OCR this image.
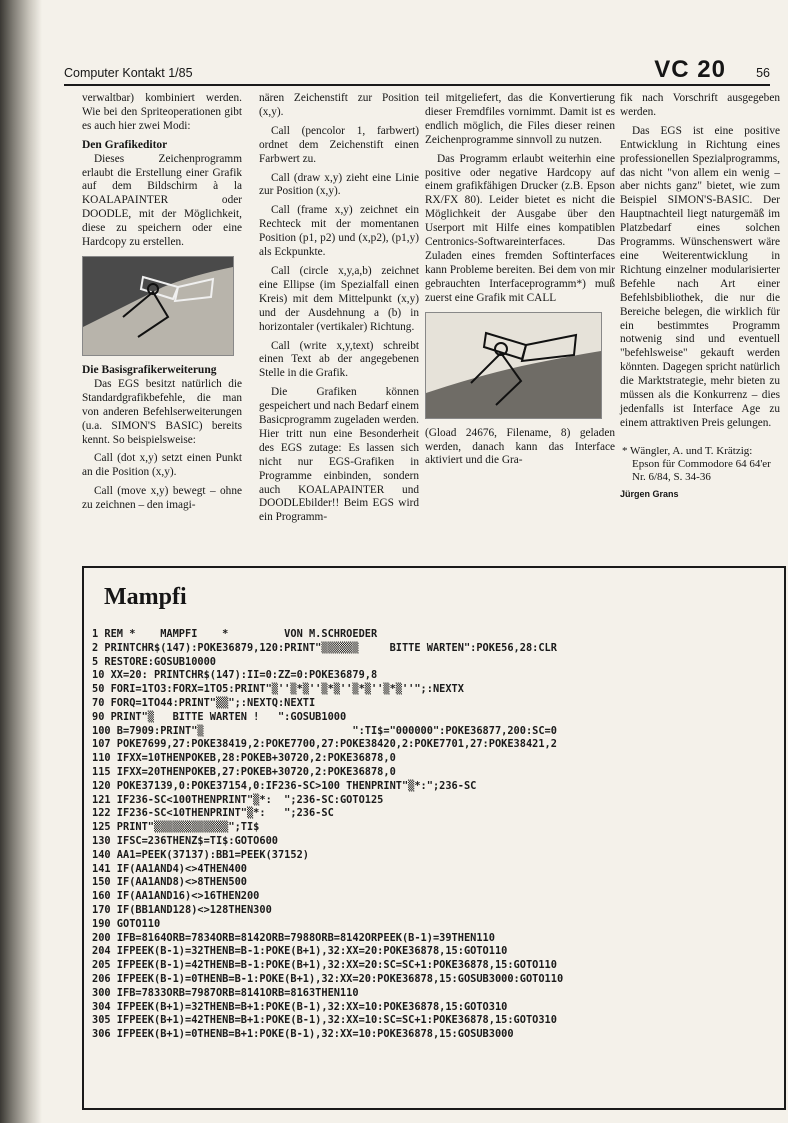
Computer Kontakt 1/85	VC 20 56

verwaltbar) kombiniert werden. Wie bei den Spriteoperationen gibt es auch hier zwei Modi:

Den Grafikeditor

Dieses Zeichenprogramm erlaubt die Erstellung einer Grafik auf dem Bildschirm à la KOALAPAINTER oder DOODLE, mit der Möglichkeit, diese zu speichern oder eine Hardcopy zu erstellen.

Die Basisgrafikerweiterung

Das EGS besitzt natürlich die Standardgrafikbefehle, die man von anderen Befehlserweiterungen (u.a. SIMON'S BASIC) bereits kennt. So beispielsweise:

Call (dot x,y) setzt einen Punkt an die Position (x,y).

Call (move x,y) bewegt – ohne zu zeichnen – den imagi-

nären Zeichenstift zur Position (x,y).

Call (pencolor 1, farbwert) ordnet dem Zeichenstift einen Farbwert zu.

Call (draw x,y) zieht eine Linie zur Position (x,y).

Call (frame x,y) zeichnet ein Rechteck mit der momentanen Position (p1, p2) und (x,p2), (p1,y) als Eckpunkte.

Call (circle x,y,a,b) zeichnet eine Ellipse (im Spezialfall einen Kreis) mit dem Mittelpunkt (x,y) und der Ausdehnung a (b) in horizontaler (vertikaler) Richtung.

Call (write x,y,text) schreibt einen Text ab der angegebenen Stelle in die Grafik.

Die Grafiken können gespeichert und nach Bedarf einem Basicprogramm zugeladen werden. Hier tritt nun eine Besonderheit des EGS zutage: Es lassen sich nicht nur EGS-Grafiken in Programme einbinden, sondern auch KOALAPAINTER und DOODLEbilder!! Beim EGS wird ein Programm-

teil mitgeliefert, das die Konvertierung dieser Fremdfiles vornimmt. Damit ist es endlich möglich, die Files dieser reinen Zeichenprogramme sinnvoll zu nutzen.

Das Programm erlaubt weiterhin eine positive oder negative Hardcopy auf einem grafikfähigen Drucker (z.B. Epson RX/FX 80). Leider bietet es nicht die Möglichkeit der Ausgabe über den Userport mit Hilfe eines kompatiblen Centronics-Softwareinterfaces. Das Zuladen eines fremden Softinterfaces kann Probleme bereiten. Bei dem von mir gebrauchten Interfaceprogramm*) muß zuerst eine Grafik mit CALL

(Gload 24676, Filename, 8) geladen werden, danach kann das Interface aktiviert und die Gra-

fik nach Vorschrift ausgegeben werden.

Das EGS ist eine positive Entwicklung in Richtung eines professionellen Spezialprogramms, das nicht "von allem ein wenig – aber nichts ganz" bietet, wie zum Beispiel SIMON'S-BASIC. Der Hauptnachteil liegt naturgemäß im Platzbedarf eines solchen Programms. Wünschenswert wäre eine Weiterentwicklung in Richtung einzelner modularisierter Befehle nach Art einer Befehlsbibliothek, die nur die Bereiche belegen, die wirklich für ein bestimmtes Programm notwenig sind und eventuell "befehlsweise" gekauft werden könnten. Dagegen spricht natürlich die Marktstrategie, mehr bieten zu müssen als die Konkurrenz – dies jedenfalls ist Interface Age zu einem attraktiven Preis gelungen.

* Wängler, A. und T. Krätzig: Epson für Commodore 64 64'er Nr. 6/84, S. 34-36
Jürgen Grans
Mampfi
1 REM *    MAMPFI    *         VON M.SCHROEDER
2 PRINTCHR$(147):POKE36879,120:PRINT"▒▒▒▒▒▒     BITTE WARTEN":POKE56,28:CLR
5 RESTORE:GOSUB10000
10 XX=20: PRINTCHR$(147):II=0:ZZ=0:POKE36879,8
50 FORI=1TO3:FORX=1TO5:PRINT"▒''▒*▒''▒*▒''▒*▒''▒*▒''";:NEXTX
70 FORQ=1TO44:PRINT"▒▒";:NEXTQ:NEXTI
90 PRINT"▒   BITTE WARTEN !   ":GOSUB1000
100 B=7909:PRINT"▒                        ":TI$="000000":POKE36877,200:SC=0
107 POKE7699,27:POKE38419,2:POKE7700,27:POKE38420,2:POKE7701,27:POKE38421,2
110 IFXX=10THENPOKEB,28:POKEB+30720,2:POKE36878,0
115 IFXX=20THENPOKEB,27:POKEB+30720,2:POKE36878,0
120 POKE37139,0:POKE37154,0:IF236-SC>100 THENPRINT"▒*:";236-SC
121 IF236-SC<100THENPRINT"▒*:  ";236-SC:GOTO125
122 IF236-SC<10THENPRINT"▒*:   ";236-SC
125 PRINT"▒▒▒▒▒▒▒▒▒▒▒▒";TI$
130 IFSC=236THENZ$=TI$:GOTO600
140 AA1=PEEK(37137):BB1=PEEK(37152)
141 IF(AA1AND4)<>4THEN400
150 IF(AA1AND8)<>8THEN500
160 IF(AA1AND16)<>16THEN200
170 IF(BB1AND128)<>128THEN300
190 GOTO110
200 IFB=8164ORB=7834ORB=8142ORB=7988ORB=8142ORPEEK(B-1)=39THEN110
204 IFPEEK(B-1)=32THENB=B-1:POKE(B+1),32:XX=20:POKE36878,15:GOTO110
205 IFPEEK(B-1)=42THENB=B-1:POKE(B+1),32:XX=20:SC=SC+1:POKE36878,15:GOTO110
206 IFPEEK(B-1)=0THENB=B-1:POKE(B+1),32:XX=20:POKE36878,15:GOSUB3000:GOTO110
300 IFB=7833ORB=7987ORB=8141ORB=8163THEN110
304 IFPEEK(B+1)=32THENB=B+1:POKE(B-1),32:XX=10:POKE36878,15:GOTO310
305 IFPEEK(B+1)=42THENB=B+1:POKE(B-1),32:XX=10:SC=SC+1:POKE36878,15:GOTO310
306 IFPEEK(B+1)=0THENB=B+1:POKE(B-1),32:XX=10:POKE36878,15:GOSUB3000
